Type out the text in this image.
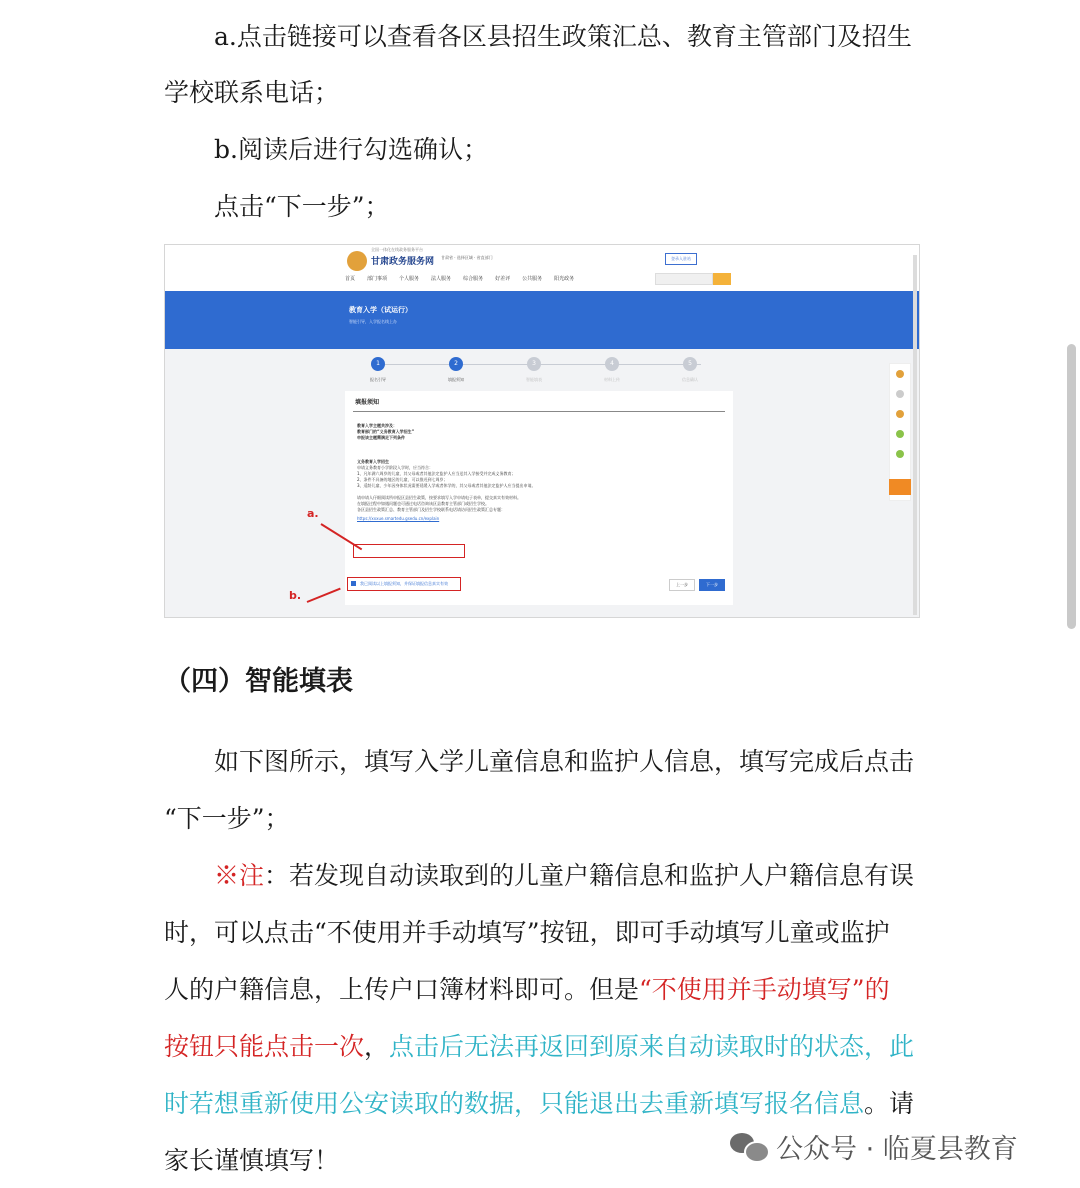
a.点击链接可以查看各区县招生政策汇总、教育主管部门及招生
学校联系电话；
b.阅读后进行勾选确认；
点击“下一步”；
全国一体化在线政务服务平台
甘肃政务服务网 甘肃省 · 选择区域 · 省直部门	登录入驻站
首页 部门事项 个人服务 法人服务 综合服务 好差评 公共服务 阳光政务
教育入学（试运行）
智能引导，入学报名线上办
1	2	3	4	5
报名引导	填报须知	智能填表	材料上传	信息确认
填报须知
教育入学主题共涉及：
教育部门的“义务教育入学招生”
申报该主题需满足下列条件
义务教育入学招生
申请义务教育小学阶段入学时，应当符合：
1、凡年满六周岁的儿童，其父母或者其他法定监护人应当送其入学接受并完成义务教育；
2、条件不具备的地区的儿童，可以推迟到七周岁；
3、适龄儿童、少年因身体状况需要延缓入学或者休学的，其父母或者其他法定监护人应当提出申请。
请申请人仔细阅读所申报区县招生政策，按要求填写入学申请电子表单，提交真实有效材料。
在填报过程中如遇问题也可通过电话咨询该区县教育主管部门或招生学校。
各区县招生政策汇总、教育主管部门及招生学校联系电话请访问招生政策汇总专题：
https://xxxue.smartedu.gsedu.cn/explain
我已阅读以上填报须知，并保证填报信息真实有效	上一步	下一步
a.
b.
（四）智能填表
如下图所示，填写入学儿童信息和监护人信息，填写完成后点击
“下一步”；
※注：若发现自动读取到的儿童户籍信息和监护人户籍信息有误
时，可以点击“不使用并手动填写”按钮，即可手动填写儿童或监护
人的户籍信息，上传户口簿材料即可。但是“不使用并手动填写”的
按钮只能点击一次，点击后无法再返回到原来自动读取时的状态，此
时若想重新使用公安读取的数据，只能退出去重新填写报名信息。请
家长谨慎填写！	公众号 · 临夏县教育
